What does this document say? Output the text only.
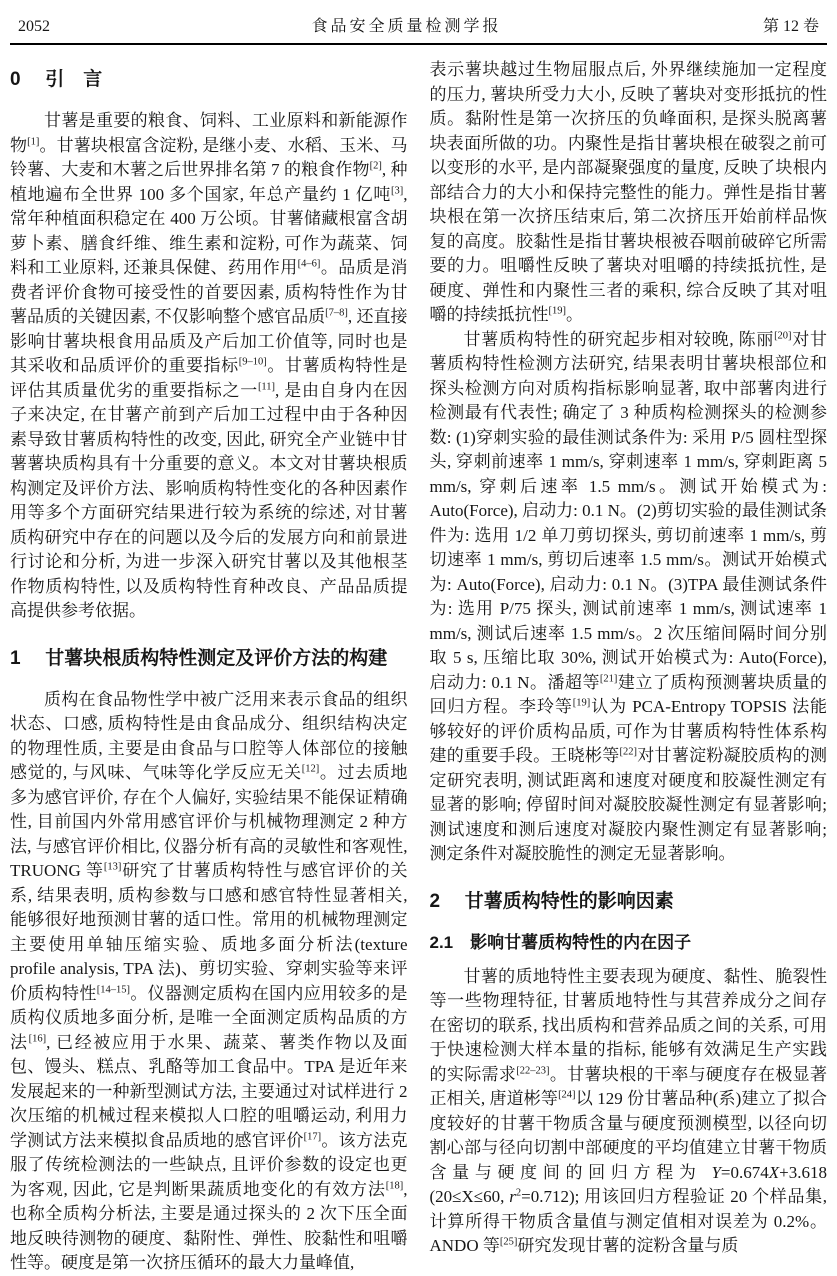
2052	食品安全质量检测学报	第 12 卷
0 引　言

甘薯是重要的粮食、饲料、工业原料和新能源作物[1]。甘薯块根富含淀粉, 是继小麦、水稻、玉米、马铃薯、大麦和木薯之后世界排名第 7 的粮食作物[2], 种植地遍布全世界 100 多个国家, 年总产量约 1 亿吨[3], 常年种植面积稳定在 400 万公顷。甘薯储藏根富含胡萝卜素、膳食纤维、维生素和淀粉, 可作为蔬菜、饲料和工业原料, 还兼具保健、药用作用[4–6]。品质是消费者评价食物可接受性的首要因素, 质构特性作为甘薯品质的关键因素, 不仅影响整个感官品质[7–8], 还直接影响甘薯块根食用品质及产后加工价值等, 同时也是其采收和品质评价的重要指标[9–10]。甘薯质构特性是评估其质量优劣的重要指标之一[11], 是由自身内在因子来决定, 在甘薯产前到产后加工过程中由于各种因素导致甘薯质构特性的改变, 因此, 研究全产业链中甘薯薯块质构具有十分重要的意义。本文对甘薯块根质构测定及评价方法、影响质构特性变化的各种因素作用等多个方面研究结果进行较为系统的综述, 对甘薯质构研究中存在的问题以及今后的发展方向和前景进行讨论和分析, 为进一步深入研究甘薯以及其他根茎作物质构特性, 以及质构特性育种改良、产品品质提高提供参考依据。

1 甘薯块根质构特性测定及评价方法的构建

质构在食品物性学中被广泛用来表示食品的组织状态、口感, 质构特性是由食品成分、组织结构决定的物理性质, 主要是由食品与口腔等人体部位的接触感觉的, 与风味、气味等化学反应无关[12]。过去质地多为感官评价, 存在个人偏好, 实验结果不能保证精确性, 目前国内外常用感官评价与机械物理测定 2 种方法, 与感官评价相比, 仪器分析有高的灵敏性和客观性, TRUONG 等[13]研究了甘薯质构特性与感官评价的关系, 结果表明, 质构参数与口感和感官特性显著相关, 能够很好地预测甘薯的适口性。常用的机械物理测定主要使用单轴压缩实验、质地多面分析法(texture profile analysis, TPA 法)、剪切实验、穿刺实验等来评价质构特性[14–15]。仪器测定质构在国内应用较多的是质构仪质地多面分析, 是唯一全面测定质构品质的方法[16], 已经被应用于水果、蔬菜、薯类作物以及面包、馒头、糕点、乳酪等加工食品中。TPA 是近年来发展起来的一种新型测试方法, 主要通过对试样进行 2 次压缩的机械过程来模拟人口腔的咀嚼运动, 利用力学测试方法来模拟食品质地的感官评价[17]。该方法克服了传统检测法的一些缺点, 且评价参数的设定也更为客观, 因此, 它是判断果蔬质地变化的有效方法[18], 也称全质构分析法, 主要是通过探头的 2 次下压全面地反映待测物的硬度、黏附性、弹性、胶黏性和咀嚼性等。硬度是第一次挤压循环的最大力量峰值,

表示薯块越过生物屈服点后, 外界继续施加一定程度的压力, 薯块所受力大小, 反映了薯块对变形抵抗的性质。黏附性是第一次挤压的负峰面积, 是探头脱离薯块表面所做的功。内聚性是指甘薯块根在破裂之前可以变形的水平, 是内部凝聚强度的量度, 反映了块根内部结合力的大小和保持完整性的能力。弹性是指甘薯块根在第一次挤压结束后, 第二次挤压开始前样品恢复的高度。胶黏性是指甘薯块根被吞咽前破碎它所需要的力。咀嚼性反映了薯块对咀嚼的持续抵抗性, 是硬度、弹性和内聚性三者的乘积, 综合反映了其对咀嚼的持续抵抗性[19]。

甘薯质构特性的研究起步相对较晚, 陈丽[20]对甘薯质构特性检测方法研究, 结果表明甘薯块根部位和探头检测方向对质构指标影响显著, 取中部薯肉进行检测最有代表性; 确定了 3 种质构检测探头的检测参数: (1)穿刺实验的最佳测试条件为: 采用 P/5 圆柱型探头, 穿刺前速率 1 mm/s, 穿刺速率 1 mm/s, 穿刺距离 5 mm/s, 穿刺后速率 1.5 mm/s。测试开始模式为: Auto(Force), 启动力: 0.1 N。(2)剪切实验的最佳测试条件为: 选用 1/2 单刀剪切探头, 剪切前速率 1 mm/s, 剪切速率 1 mm/s, 剪切后速率 1.5 mm/s。测试开始模式为: Auto(Force), 启动力: 0.1 N。(3)TPA 最佳测试条件为: 选用 P/75 探头, 测试前速率 1 mm/s, 测试速率 1 mm/s, 测试后速率 1.5 mm/s。2 次压缩间隔时间分别取 5 s, 压缩比取 30%, 测试开始模式为: Auto(Force), 启动力: 0.1 N。潘超等[21]建立了质构预测薯块质量的回归方程。李玲等[19]认为 PCA-Entropy TOPSIS 法能够较好的评价质构品质, 可作为甘薯质构特性体系构建的重要手段。王晓彬等[22]对甘薯淀粉凝胶质构的测定研究表明, 测试距离和速度对硬度和胶凝性测定有显著的影响; 停留时间对凝胶胶凝性测定有显著影响; 测试速度和测后速度对凝胶内聚性测定有显著影响; 测定条件对凝胶脆性的测定无显著影响。

2 甘薯质构特性的影响因素
2.1 影响甘薯质构特性的内在因子

甘薯的质地特性主要表现为硬度、黏性、脆裂性等一些物理特征, 甘薯质地特性与其营养成分之间存在密切的联系, 找出质构和营养品质之间的关系, 可用于快速检测大样本量的指标, 能够有效满足生产实践的实际需求[22–23]。甘薯块根的干率与硬度存在极显著正相关, 唐道彬等[24]以 129 份甘薯品种(系)建立了拟合度较好的甘薯干物质含量与硬度预测模型, 以径向切割心部与径向切割中部硬度的平均值建立甘薯干物质含量与硬度间的回归方程为 Y=0.674X+3.618 (20≤X≤60, $r^2=0.712$); 用该回归方程验证 20 个样品集, 计算所得干物质含量值与测定值相对误差为 0.2%。ANDO 等[25]研究发现甘薯的淀粉含量与质
